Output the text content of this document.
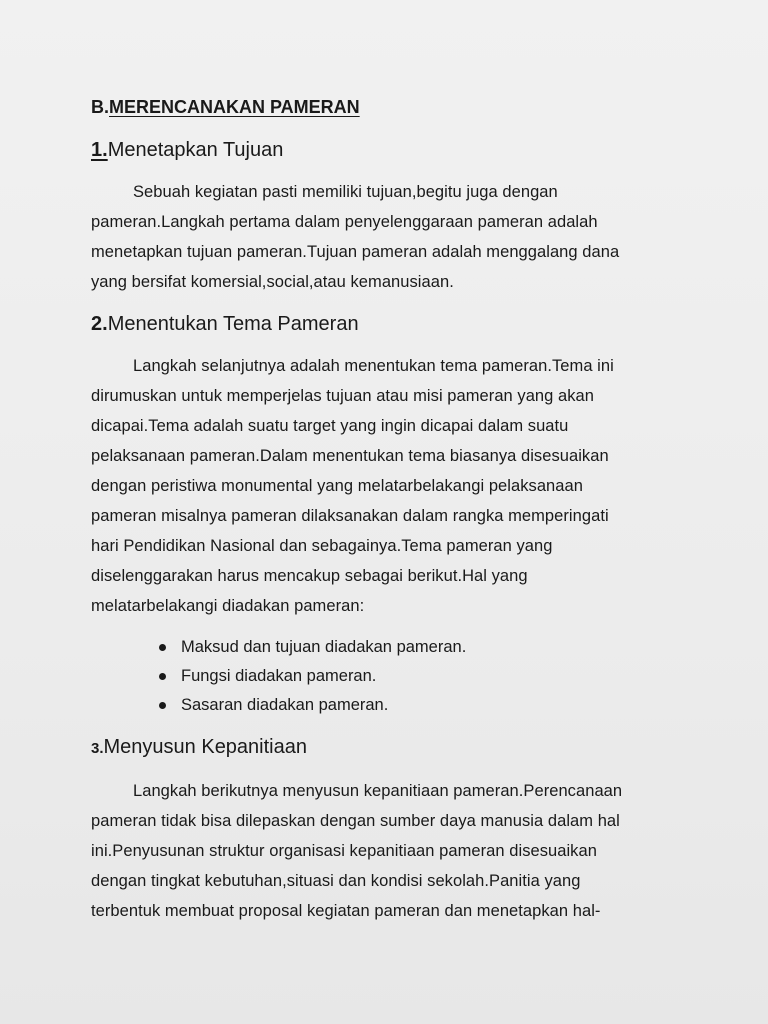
B.MERENCANAKAN PAMERAN
1.Menetapkan Tujuan
Sebuah kegiatan pasti memiliki tujuan,begitu juga dengan
pameran.Langkah pertama dalam penyelenggaraan pameran adalah
menetapkan tujuan pameran.Tujuan pameran adalah menggalang dana
yang bersifat komersial,social,atau kemanusiaan.
2.Menentukan Tema Pameran
Langkah selanjutnya adalah menentukan tema pameran.Tema ini
dirumuskan untuk memperjelas tujuan atau misi pameran yang akan
dicapai.Tema adalah suatu target yang ingin dicapai dalam suatu
pelaksanaan pameran.Dalam menentukan tema biasanya disesuaikan
dengan peristiwa monumental yang melatarbelakangi pelaksanaan
pameran misalnya pameran dilaksanakan dalam rangka memperingati
hari Pendidikan Nasional dan sebagainya.Tema pameran yang
diselenggarakan harus mencakup sebagai berikut.Hal yang
melatarbelakangi diadakan pameran:
Maksud dan tujuan diadakan pameran.
Fungsi diadakan pameran.
Sasaran diadakan pameran.
3.Menyusun Kepanitiaan
Langkah berikutnya menyusun kepanitiaan pameran.Perencanaan
pameran tidak bisa dilepaskan dengan sumber daya manusia dalam hal
ini.Penyusunan struktur organisasi kepanitiaan pameran disesuaikan
dengan tingkat kebutuhan,situasi dan kondisi sekolah.Panitia yang
terbentuk membuat proposal kegiatan pameran dan menetapkan hal-
